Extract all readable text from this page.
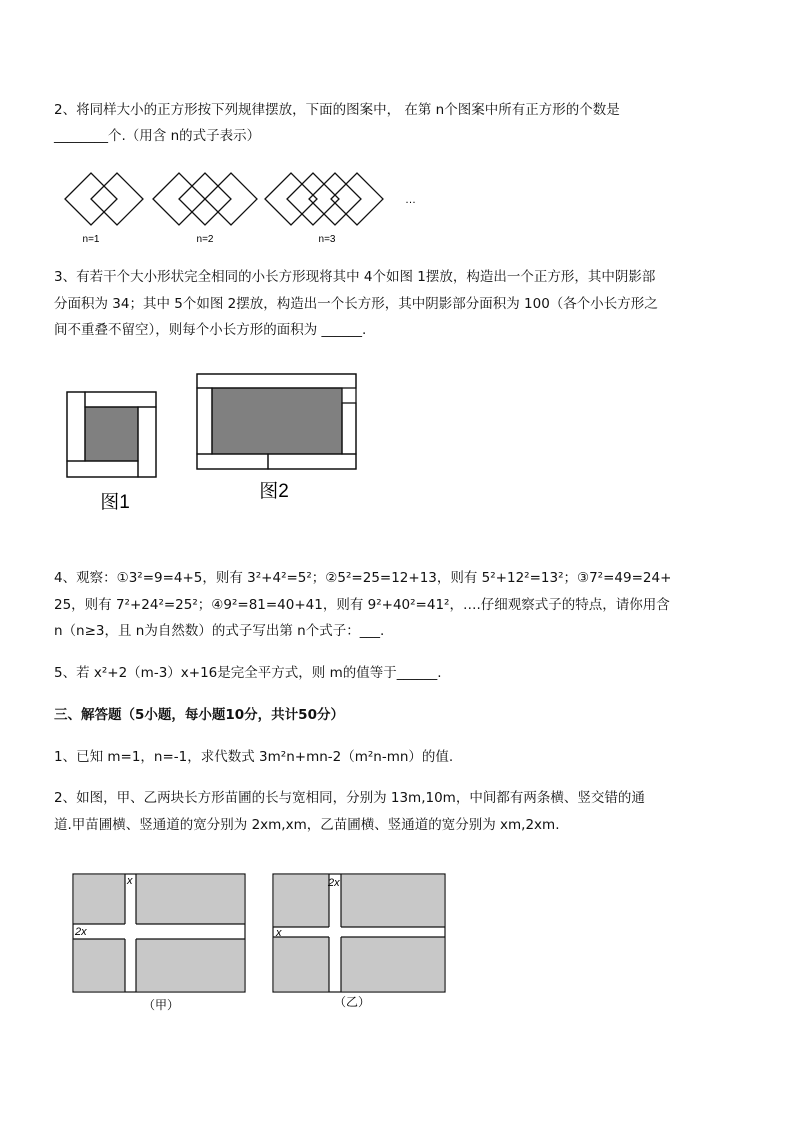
2、将同样大小的正方形按下列规律摆放，下面的图案中， 在第 n个图案中所有正方形的个数是
________个.（用含 n的式子表示）
n=1	n=2	n=3
…
3、有若干个大小形状完全相同的小长方形现将其中 4个如图 1摆放，构造出一个正方形，其中阴影部
分面积为 34；其中 5个如图 2摆放，构造出一个长方形，其中阴影部分面积为 100（各个小长方形之
间不重叠不留空），则每个小长方形的面积为 ______.
图1
图2
4、观察：①3²=9=4+5，则有 3²+4²=5²；②5²=25=12+13，则有 5²+12²=13²；③7²=49=24+
25，则有 7²+24²=25²；④9²=81=40+41，则有 9²+40²=41²，….仔细观察式子的特点，请你用含
n（n≥3，且 n为自然数）的式子写出第 n个式子：___.
5、若 x²+2（m-3）x+16是完全平方式，则 m的值等于______.
三、解答题（5小题，每小题10分，共计50分）
1、已知 m=1，n=-1，求代数式 3m²n+mn-2（m²n-mn）的值.
2、如图，甲、乙两块长方形苗圃的长与宽相同，分别为 13m,10m，中间都有两条横、竖交错的通
道.甲苗圃横、竖通道的宽分别为 2xm,xm，乙苗圃横、竖通道的宽分别为 xm,2xm.
x
2x
（甲）
2x
x
（乙）
